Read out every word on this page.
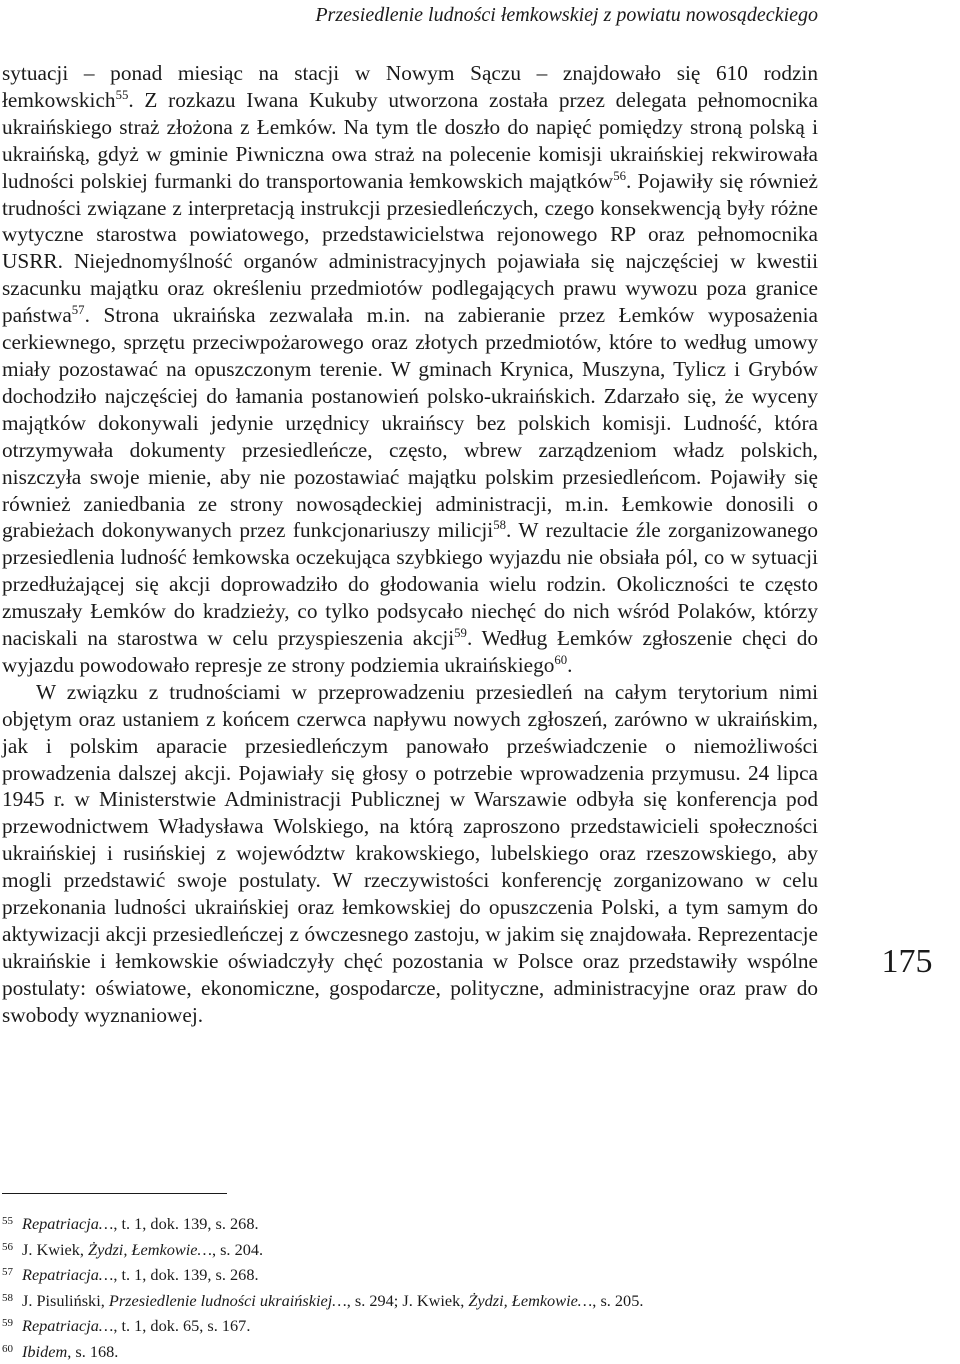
Przesiedlenie ludności łemkowskiej z powiatu nowosądeckiego

sytuacji – ponad miesiąc na stacji w Nowym Sączu – znajdowało się 610 rodzin łemkowskich$^{55}$. Z rozkazu Iwana Kukuby utworzona została przez delegata pełnomocnika ukraińskiego straż złożona z Łemków. Na tym tle doszło do napięć pomiędzy stroną polską i ukraińską, gdyż w gminie Piwniczna owa straż na polecenie komisji ukraińskiej rekwirowała ludności polskiej furmanki do transportowania łemkowskich majątków$^{56}$. Pojawiły się również trudności związane z interpretacją instrukcji przesiedleńczych, czego konsekwencją były różne wytyczne starostwa powiatowego, przedstawicielstwa rejonowego RP oraz pełnomocnika USRR. Niejednomyślność organów administracyjnych pojawiała się najczęściej w kwestii szacunku majątku oraz określeniu przedmiotów podlegających prawu wywozu poza granice państwa$^{57}$. Strona ukraińska zezwalała m.in. na zabieranie przez Łemków wyposażenia cerkiewnego, sprzętu przeciwpożarowego oraz złotych przedmiotów, które to według umowy miały pozostawać na opuszczonym terenie. W gminach Krynica, Muszyna, Tylicz i Grybów dochodziło najczęściej do łamania postanowień polsko-ukraińskich. Zdarzało się, że wyceny majątków dokonywali jedynie urzędnicy ukraińscy bez polskich komisji. Ludność, która otrzymywała dokumenty przesiedleńcze, często, wbrew zarządzeniom władz polskich, niszczyła swoje mienie, aby nie pozostawiać majątku polskim przesiedleńcom. Pojawiły się również zaniedbania ze strony nowosądeckiej administracji, m.in. Łemkowie donosili o grabieżach dokonywanych przez funkcjonariuszy milicji$^{58}$. W rezultacie źle zorganizowanego przesiedlenia ludność łemkowska oczekująca szybkiego wyjazdu nie obsiała pól, co w sytuacji przedłużającej się akcji doprowadziło do głodowania wielu rodzin. Okoliczności te często zmuszały Łemków do kradzieży, co tylko podsycało niechęć do nich wśród Polaków, którzy naciskali na starostwa w celu przyspieszenia akcji$^{59}$. Według Łemków zgłoszenie chęci do wyjazdu powodowało represje ze strony podziemia ukraińskiego$^{60}$.

W związku z trudnościami w przeprowadzeniu przesiedleń na całym terytorium nimi objętym oraz ustaniem z końcem czerwca napływu nowych zgłoszeń, zarówno w ukraińskim, jak i polskim aparacie przesiedleńczym panowało przeświadczenie o niemożliwości prowadzenia dalszej akcji. Pojawiały się głosy o potrzebie wprowadzenia przymusu. 24 lipca 1945 r. w Ministerstwie Administracji Publicznej w Warszawie odbyła się konferencja pod przewodnictwem Władysława Wolskiego, na którą zaproszono przedstawicieli społeczności ukraińskiej i rusińskiej z województw krakowskiego, lubelskiego oraz rzeszowskiego, aby mogli przedstawić swoje postulaty. W rzeczywistości konferencję zorganizowano w celu przekonania ludności ukraińskiej oraz łemkowskiej do opuszczenia Polski, a tym samym do aktywizacji akcji przesiedleńczej z ówczesnego zastoju, w jakim się znajdowała. Reprezentacje ukraińskie i łemkowskie oświadczyły chęć pozostania w Polsce oraz przedstawiły wspólne postulaty: oświatowe, ekonomiczne, gospodarcze, polityczne, administracyjne oraz praw do swobody wyznaniowej.

175
55 Repatriacja…, t. 1, dok. 139, s. 268.
56 J. Kwiek, Żydzi, Łemkowie…, s. 204.
57 Repatriacja…, t. 1, dok. 139, s. 268.
58 J. Pisuliński, Przesiedlenie ludności ukraińskiej…, s. 294; J. Kwiek, Żydzi, Łemkowie…, s. 205.
59 Repatriacja…, t. 1, dok. 65, s. 167.
60 Ibidem, s. 168.
